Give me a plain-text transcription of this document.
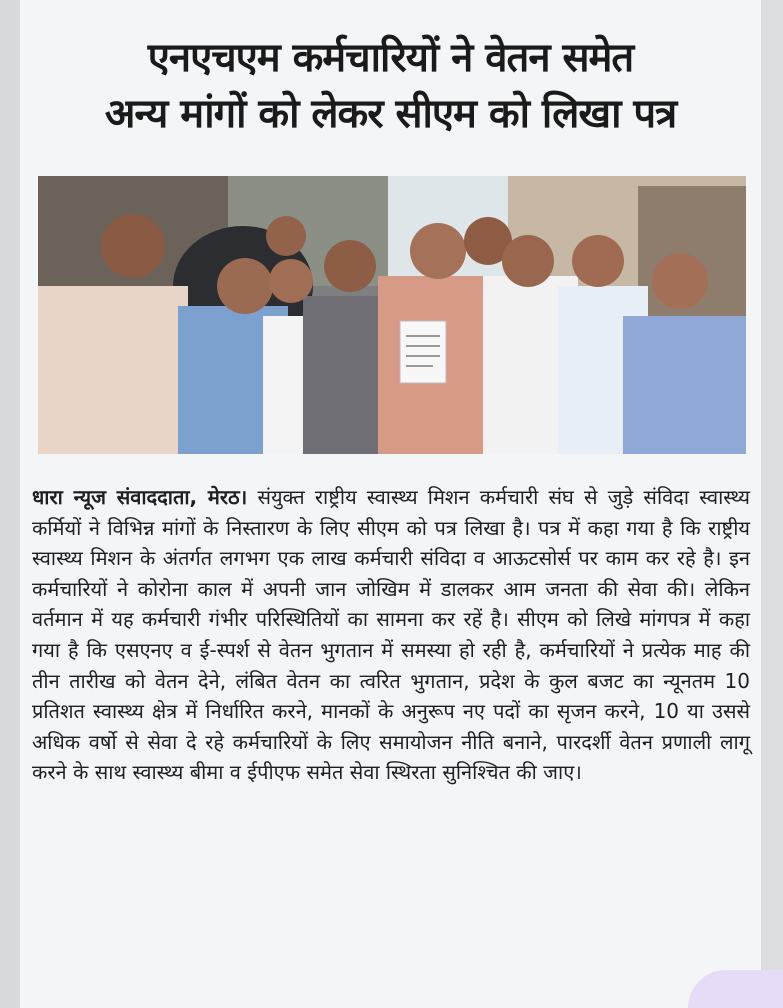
एनएचएम कर्मचारियों ने वेतन समेत
अन्य मांगों को लेकर सीएम को लिखा पत्र
धारा न्यूज संवाददाता, मेरठ। संयुक्त राष्ट्रीय स्वास्थ्य मिशन कर्मचारी संघ से जुड़े संविदा स्वास्थ्य कर्मियों ने विभिन्न मांगों के निस्तारण के लिए सीएम को पत्र लिखा है। पत्र में कहा गया है कि राष्ट्रीय स्वास्थ्य मिशन के अंतर्गत लगभग एक लाख कर्मचारी संविदा व आऊटसोर्स पर काम कर रहे है। इन कर्मचारियों ने कोरोना काल में अपनी जान जोखिम में डालकर आम जनता की सेवा की। लेकिन वर्तमान में यह कर्मचारी गंभीर परिस्थितियों का सामना कर रहें है। सीएम को लिखे मांगपत्र में कहा गया है कि एसएनए व ई-स्पर्श से वेतन भुगतान में समस्या हो रही है, कर्मचारियों ने प्रत्येक माह की तीन तारीख को वेतन देने, लंबित वेतन का त्वरित भुगतान, प्रदेश के कुल बजट का न्यूनतम 10 प्रतिशत स्वास्थ्य क्षेत्र में निर्धारित करने, मानकों के अनुरूप नए पदों का सृजन करने, 10 या उससे अधिक वर्षो से सेवा दे रहे कर्मचारियों के लिए समायोजन नीति बनाने, पारदर्शी वेतन प्रणाली लागू करने के साथ स्वास्थ्य बीमा व ईपीएफ समेत सेवा स्थिरता सुनिश्चित की जाए।
